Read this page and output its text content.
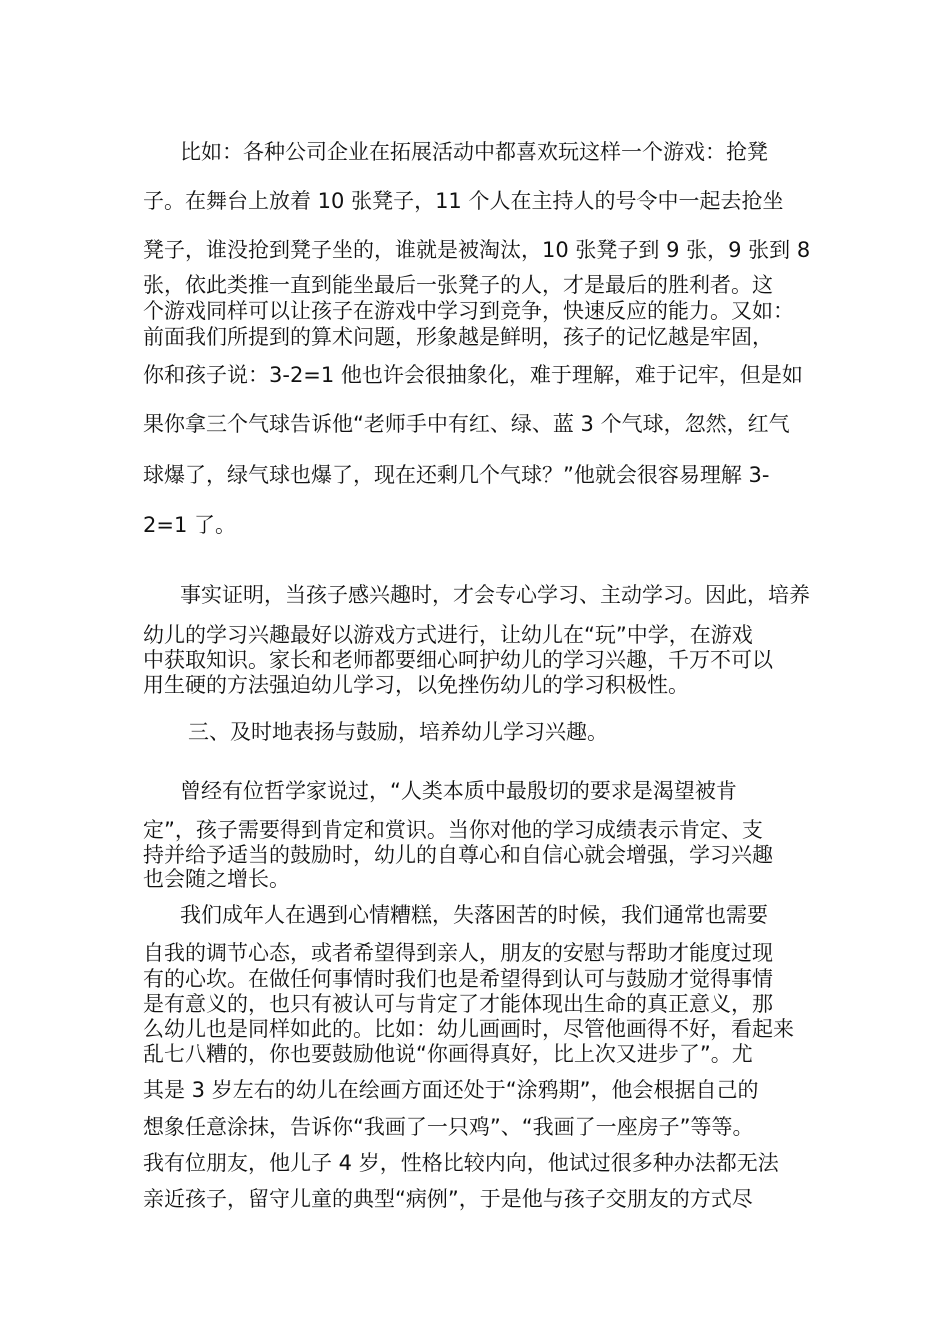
比如：各种公司企业在拓展活动中都喜欢玩这样一个游戏：抢凳
子。在舞台上放着 10 张凳子，11 个人在主持人的号令中一起去抢坐
凳子，谁没抢到凳子坐的，谁就是被淘汰，10 张凳子到 9 张，9 张到 8
张，依此类推一直到能坐最后一张凳子的人，才是最后的胜利者。这
个游戏同样可以让孩子在游戏中学习到竞争，快速反应的能力。又如：
前面我们所提到的算术问题，形象越是鲜明，孩子的记忆越是牢固，
你和孩子说：3-2=1 他也许会很抽象化，难于理解，难于记牢，但是如
果你拿三个气球告诉他“老师手中有红、绿、蓝 3 个气球，忽然，红气
球爆了，绿气球也爆了，现在还剩几个气球？”他就会很容易理解 3-
2=1 了。
事实证明，当孩子感兴趣时，才会专心学习、主动学习。因此，培养
幼儿的学习兴趣最好以游戏方式进行，让幼儿在“玩”中学，在游戏
中获取知识。家长和老师都要细心呵护幼儿的学习兴趣，千万不可以
用生硬的方法强迫幼儿学习，以免挫伤幼儿的学习积极性。
三、及时地表扬与鼓励，培养幼儿学习兴趣。
曾经有位哲学家说过，“人类本质中最殷切的要求是渴望被肯
定”，孩子需要得到肯定和赏识。当你对他的学习成绩表示肯定、支
持并给予适当的鼓励时，幼儿的自尊心和自信心就会增强，学习兴趣
也会随之增长。
我们成年人在遇到心情糟糕，失落困苦的时候，我们通常也需要
自我的调节心态，或者希望得到亲人，朋友的安慰与帮助才能度过现
有的心坎。在做任何事情时我们也是希望得到认可与鼓励才觉得事情
是有意义的，也只有被认可与肯定了才能体现出生命的真正意义，那
么幼儿也是同样如此的。比如：幼儿画画时，尽管他画得不好，看起来
乱七八糟的，你也要鼓励他说“你画得真好，比上次又进步了”。尤
其是 3 岁左右的幼儿在绘画方面还处于“涂鸦期”，他会根据自己的
想象任意涂抹，告诉你“我画了一只鸡”、“我画了一座房子”等等。
我有位朋友，他儿子 4 岁，性格比较内向，他试过很多种办法都无法
亲近孩子，留守儿童的典型“病例”，于是他与孩子交朋友的方式尽
